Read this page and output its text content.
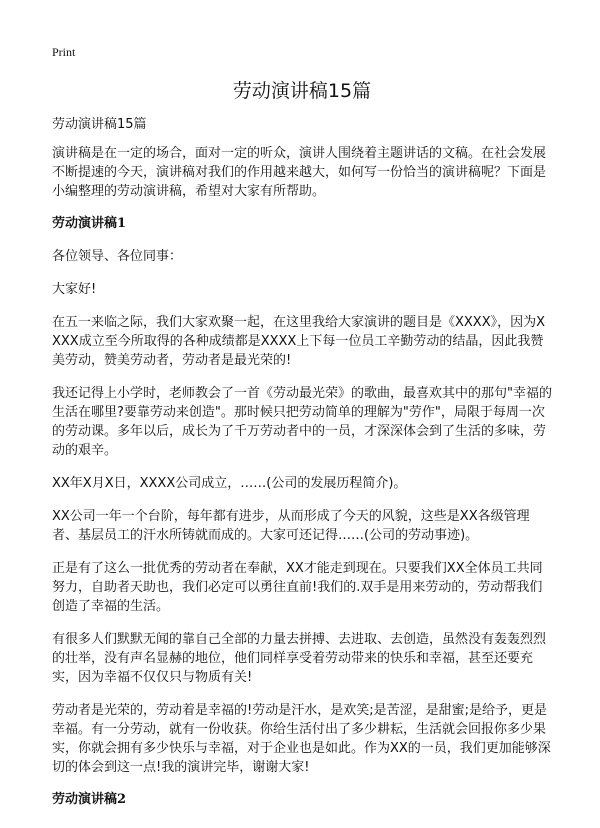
Print
劳动演讲稿15篇
劳动演讲稿15篇

演讲稿是在一定的场合，面对一定的听众，演讲人围绕着主题讲话的文稿。在社会发展不断提速的今天，演讲稿对我们的作用越来越大，如何写一份恰当的演讲稿呢？下面是小编整理的劳动演讲稿，希望对大家有所帮助。

劳动演讲稿1

各位领导、各位同事：

大家好!

在五一来临之际，我们大家欢聚一起，在这里我给大家演讲的题目是《XXXX》，因为XXXX成立至今所取得的各种成绩都是XXXX上下每一位员工辛勤劳动的结晶，因此我赞美劳动，赞美劳动者，劳动者是最光荣的!

我还记得上小学时，老师教会了一首《劳动最光荣》的歌曲，最喜欢其中的那句"幸福的生活在哪里?要靠劳动来创造"。那时候只把劳动简单的理解为"劳作"，局限于每周一次的劳动课。多年以后，成长为了千万劳动者中的一员，才深深体会到了生活的多味，劳动的艰辛。

XX年X月X日，XXXX公司成立，……(公司的发展历程简介)。

XX公司一年一个台阶，每年都有进步，从而形成了今天的风貌，这些是XX各级管理者、基层员工的汗水所铸就而成的。大家可还记得……(公司的劳动事迹)。

正是有了这么一批优秀的劳动者在奉献，XX才能走到现在。只要我们XX全体员工共同努力，自助者天助也，我们必定可以勇往直前!我们的.双手是用来劳动的，劳动帮我们创造了幸福的生活。

有很多人们默默无闻的靠自己全部的力量去拼搏、去进取、去创造，虽然没有轰轰烈烈的壮举，没有声名显赫的地位，他们同样享受着劳动带来的快乐和幸福，甚至还要充实，因为幸福不仅仅只与物质有关!

劳动者是光荣的，劳动着是幸福的!劳动是汗水，是欢笑;是苦涩，是甜蜜;是给予，更是幸福。有一分劳动，就有一份收获。你给生活付出了多少耕耘，生活就会回报你多少果实，你就会拥有多少快乐与幸福，对于企业也是如此。作为XX的一员，我们更加能够深切的体会到这一点!我的演讲完毕，谢谢大家!

劳动演讲稿2
